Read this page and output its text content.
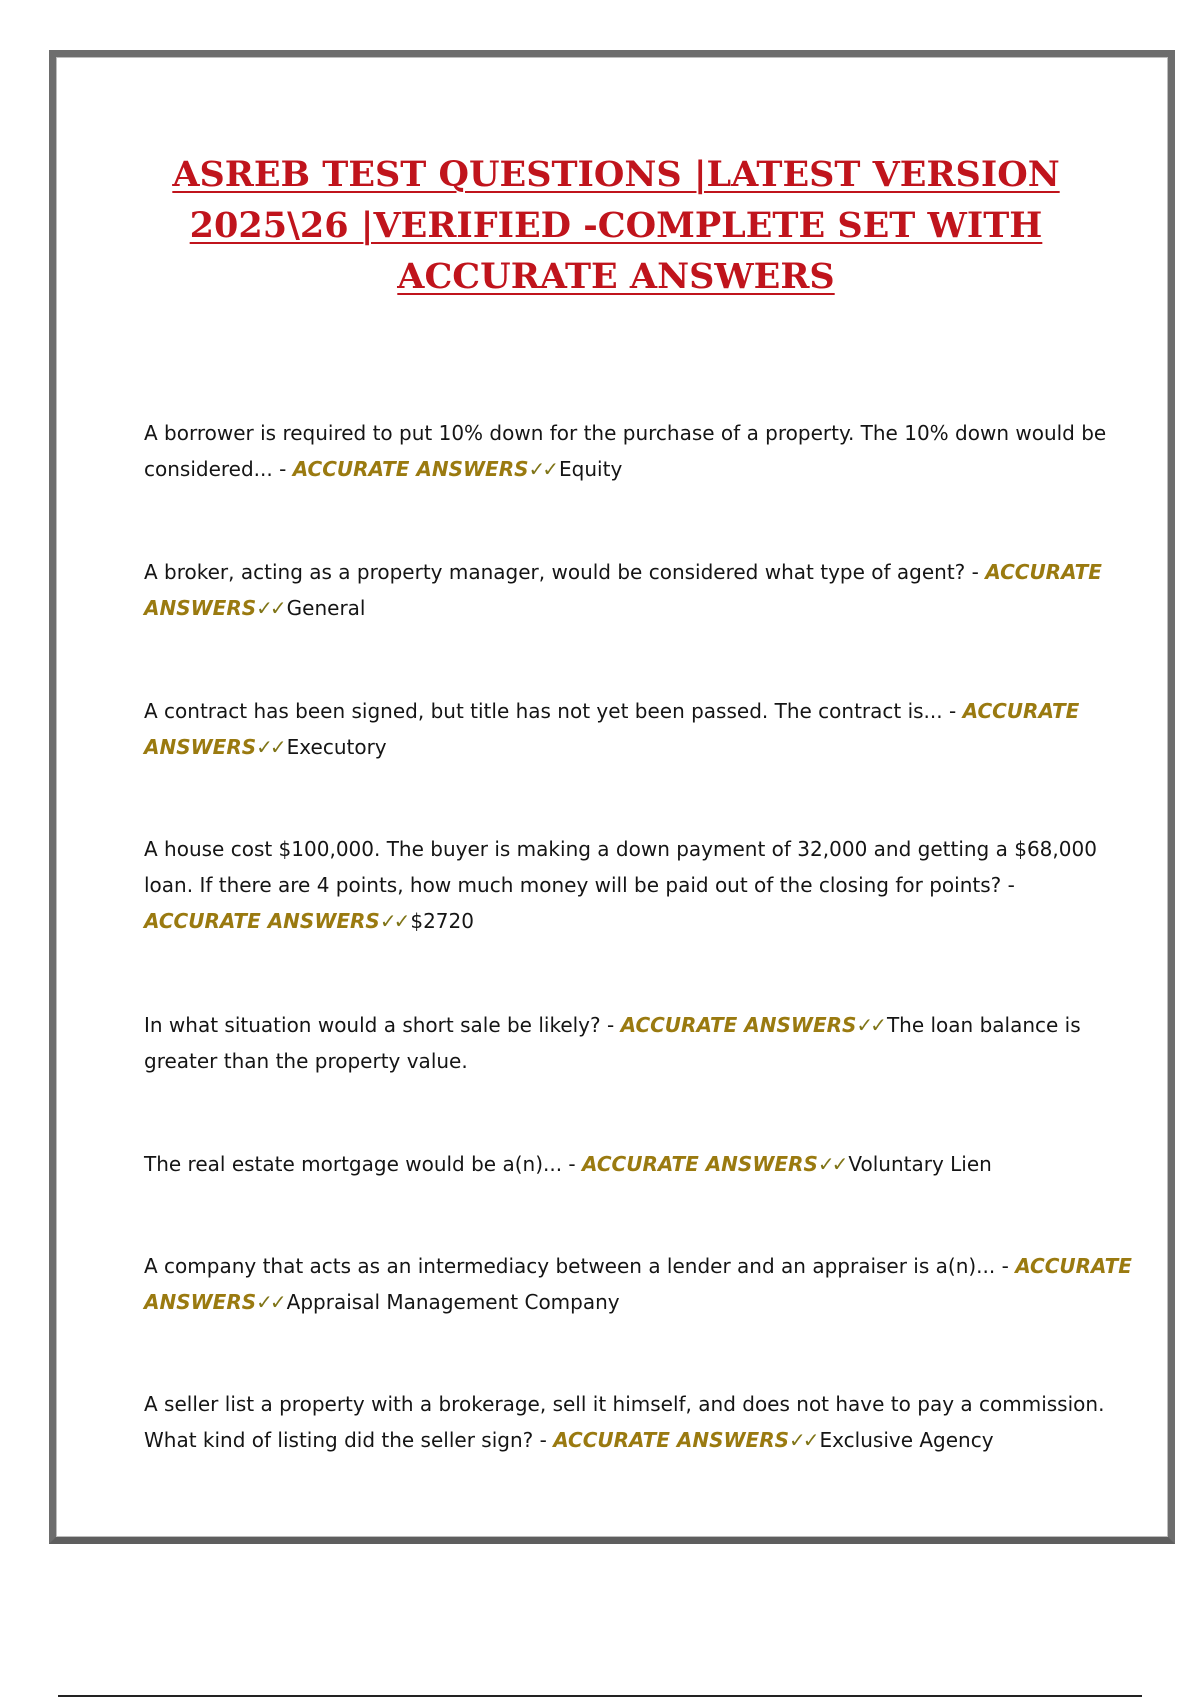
ASREB TEST QUESTIONS |LATEST VERSION
2025\26 |VERIFIED -COMPLETE SET WITH
ACCURATE ANSWERS

A borrower is required to put 10% down for the purchase of a property. The 10% down would be considered... - ACCURATE ANSWERS✓✓ Equity

A broker, acting as a property manager, would be considered what type of agent? - ACCURATE ANSWERS✓✓ General

A contract has been signed, but title has not yet been passed. The contract is... - ACCURATE ANSWERS✓✓ Executory

A house cost $100,000. The buyer is making a down payment of 32,000 and getting a $68,000 loan. If there are 4 points, how much money will be paid out of the closing for points? - ACCURATE ANSWERS✓✓ $2720

In what situation would a short sale be likely? - ACCURATE ANSWERS✓✓ The loan balance is greater than the property value.

The real estate mortgage would be a(n)... - ACCURATE ANSWERS✓✓ Voluntary Lien

A company that acts as an intermediacy between a lender and an appraiser is a(n)... - ACCURATE ANSWERS✓✓ Appraisal Management Company

A seller list a property with a brokerage, sell it himself, and does not have to pay a commission. What kind of listing did the seller sign? - ACCURATE ANSWERS✓✓ Exclusive Agency
